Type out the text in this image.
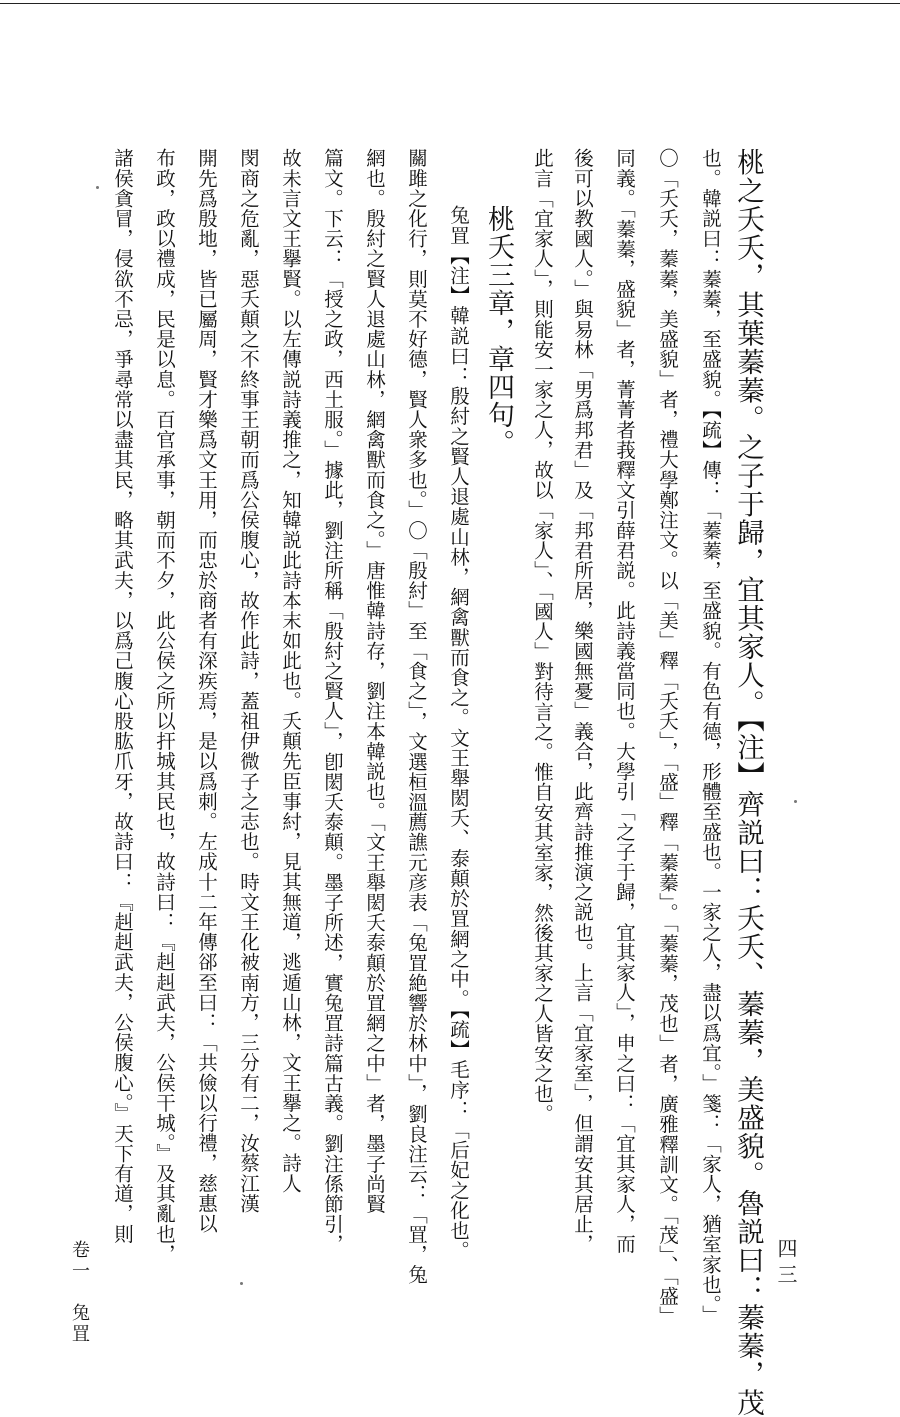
桃之夭夭，其葉蓁蓁。之子于歸，宜其家人。【注】齊説曰：夭夭、蓁蓁，美盛貌。魯説曰：蓁蓁，茂
也。韓説曰：蓁蓁，至盛貌。【疏】傳：「蓁蓁，至盛貌。有色有德，形體至盛也。一家之人，盡以爲宜。」箋：「家人，猶室家也。」
〇「夭夭，蓁蓁，美盛貌」者，禮大學鄭注文。以「美」釋「夭夭」，「盛」釋「蓁蓁」。「蓁蓁，茂也」者，廣雅釋訓文。「茂」、「盛」
同義。「蓁蓁，盛貌」者，菁菁者莪釋文引薛君説。此詩義當同也。大學引「之子于歸，宜其家人」，申之曰：「宜其家人，而
後可以教國人。」與易林「男爲邦君」及「邦君所居，樂國無憂」義合，此齊詩推演之説也。上言「宜家室」，但謂安其居止，
此言「宜家人」，則能安一家之人，故以「家人」、「國人」對待言之。惟自安其室家，然後其家之人皆安之也。
桃夭三章，章四句。
兔罝【注】韓説曰：殷紂之賢人退處山林，網禽獸而食之。文王舉閎夭、泰顛於罝網之中。【疏】毛序：「后妃之化也。
關雎之化行，則莫不好德，賢人衆多也。」〇「殷紂」至「食之」，文選桓溫薦譙元彦表「兔罝絶響於林中」，劉良注云：「罝，兔
網也。殷紂之賢人退處山林，網禽獸而食之。」唐惟韓詩存，劉注本韓説也。「文王舉閎夭泰顛於罝網之中」者，墨子尚賢
篇文。下云：「授之政，西土服。」據此，劉注所稱「殷紂之賢人」，卽閎夭泰顛。墨子所述，實兔罝詩篇古義。劉注係節引，
故未言文王擧賢。以左傳説詩義推之，知韓説此詩本末如此也。夭顛先臣事紂，見其無道，逃遁山林，文王擧之。詩人
閔商之危亂，惡夭顛之不終事王朝而爲公侯腹心，故作此詩，蓋祖伊微子之志也。時文王化被南方，三分有二，汝蔡江漢
開先爲殷地，皆已屬周，賢才樂爲文王用，而忠於商者有深疾焉，是以爲刺。左成十二年傳郤至曰：「共儉以行禮，慈惠以
布政，政以禮成，民是以息。百官承事，朝而不夕，此公侯之所以扞城其民也，故詩曰：『赳赳武夫，公侯干城。』及其亂也，
諸侯貪冒，侵欲不忌，爭尋常以盡其民，略其武夫，以爲己腹心股肱爪牙，故詩曰：『赳赳武夫，公侯腹心。』天下有道，則
卷一　兔罝	四三
